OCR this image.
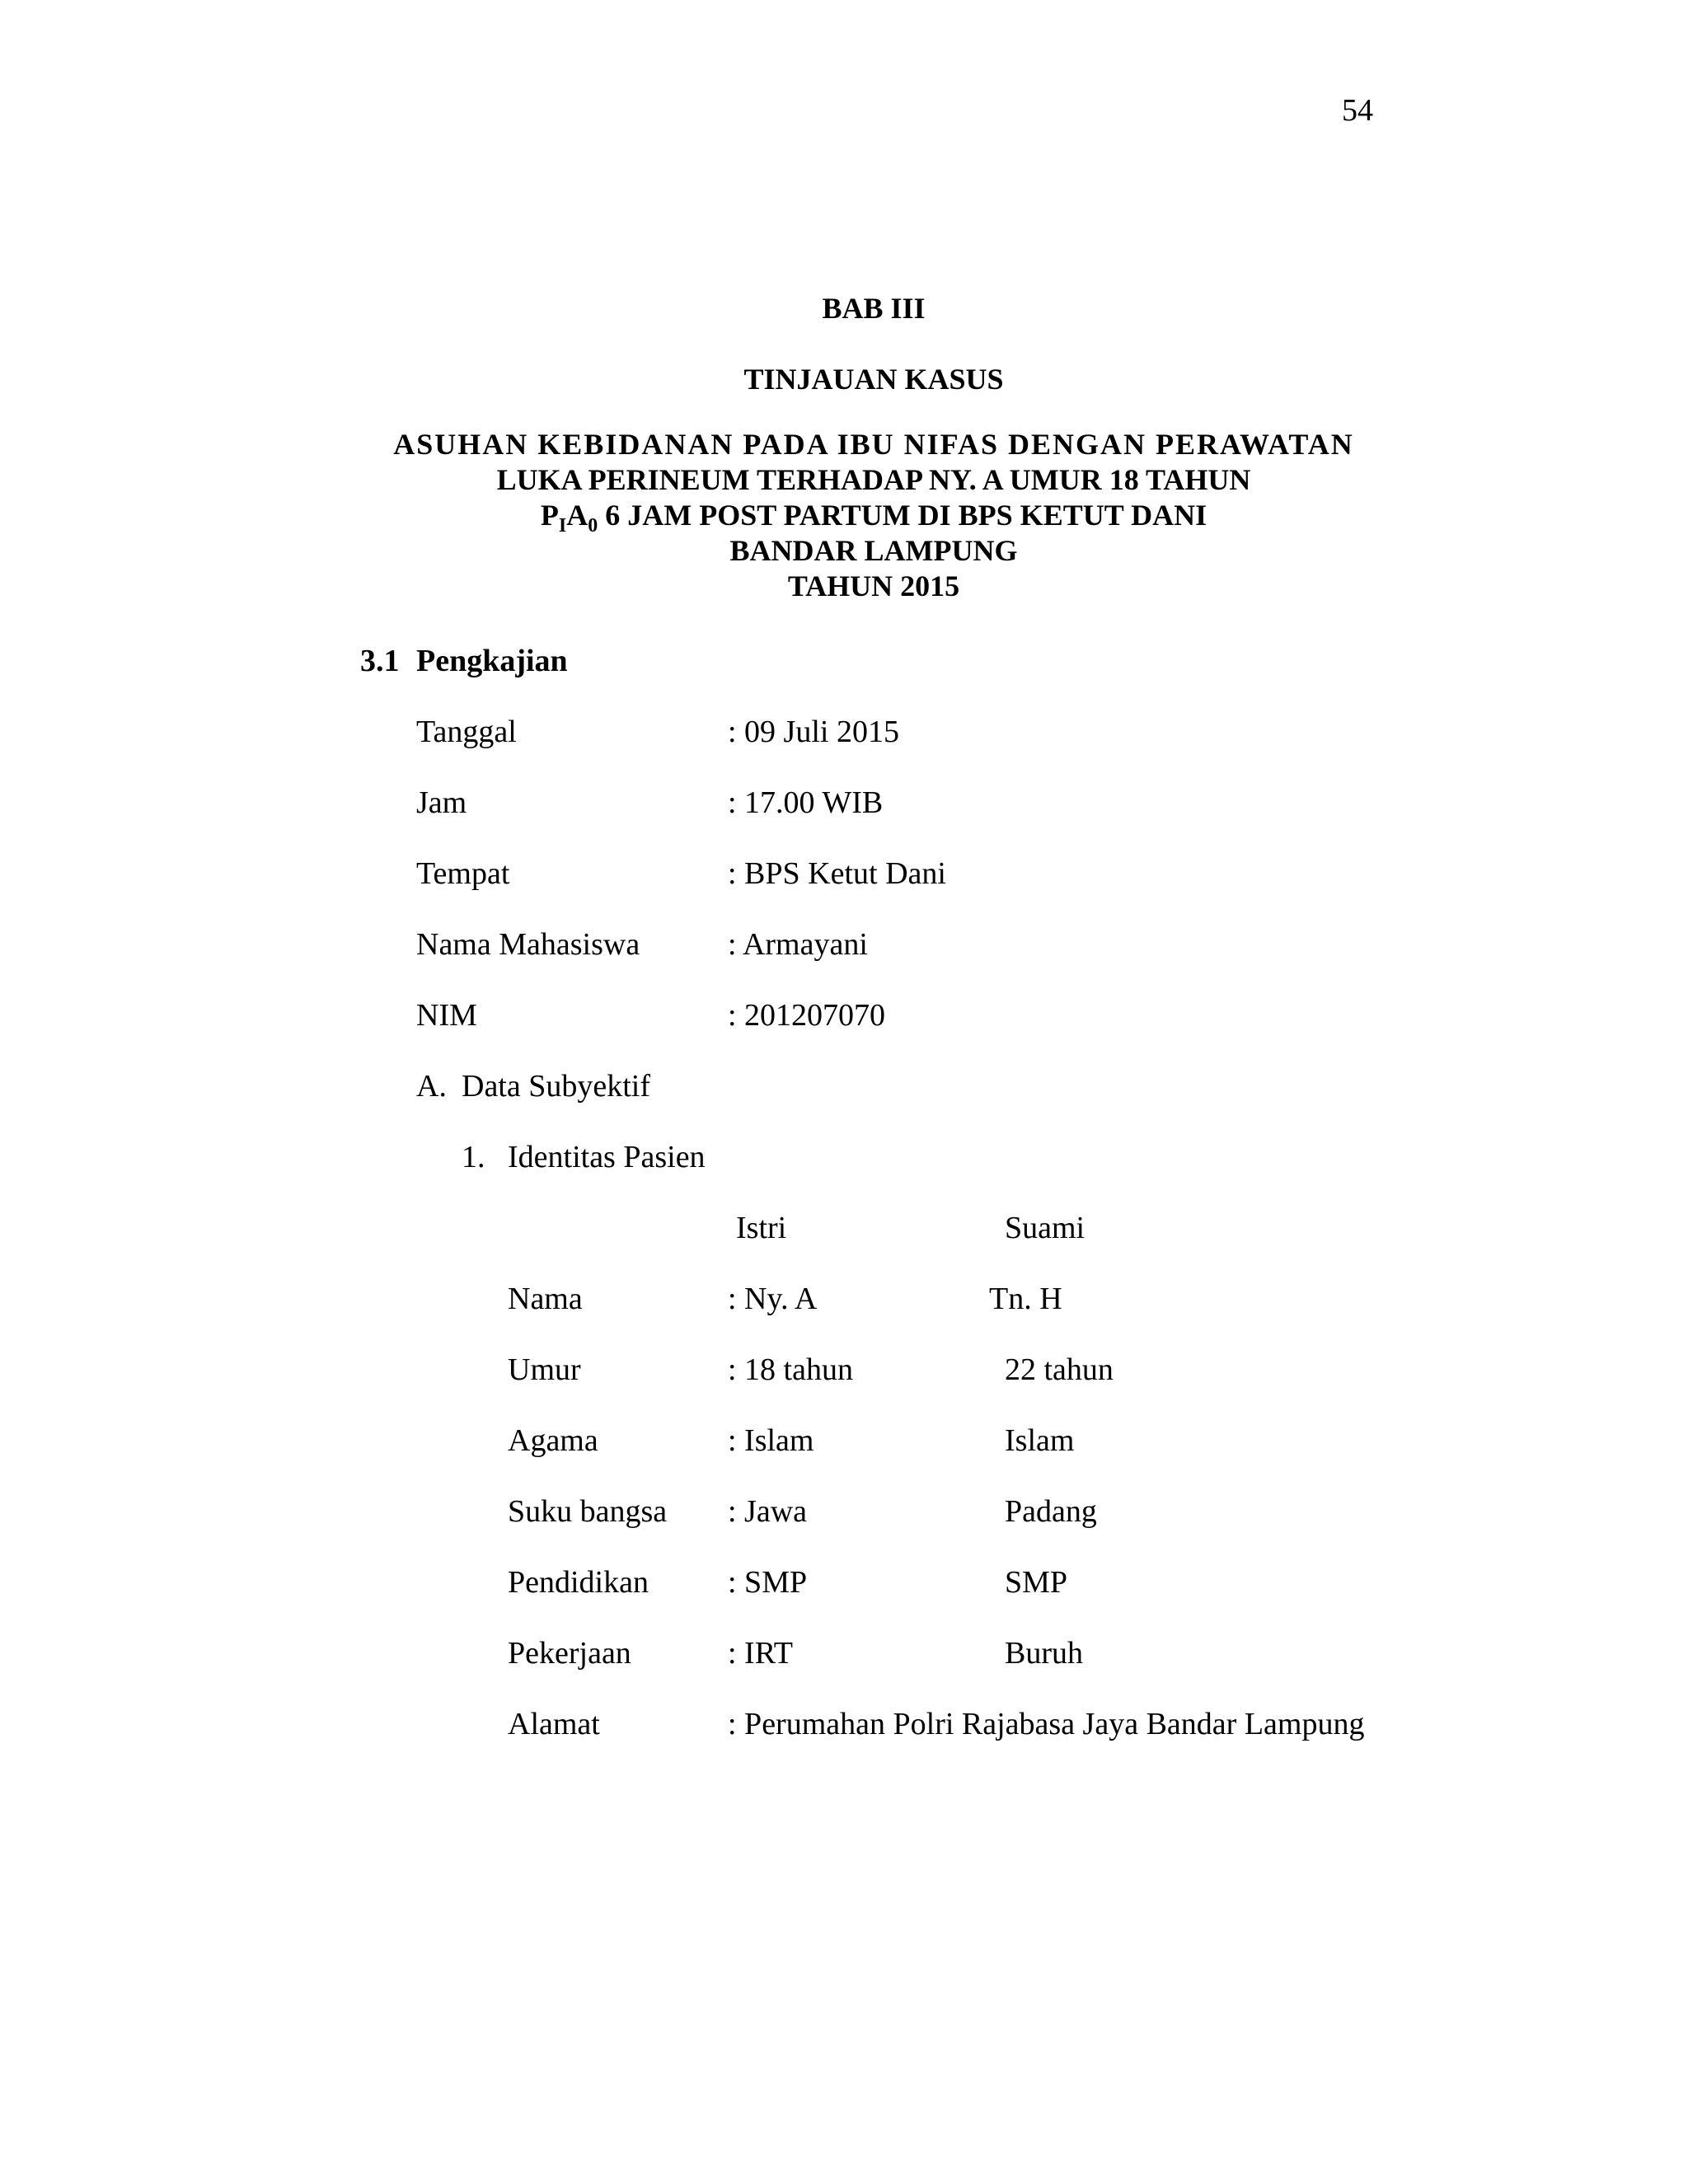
54
BAB III
TINJAUAN KASUS
ASUHAN KEBIDANAN PADA IBU NIFAS DENGAN PERAWATAN
LUKA PERINEUM TERHADAP NY. A UMUR 18 TAHUN
$P_IA_0$ 6 JAM POST PARTUM DI BPS KETUT DANI
BANDAR LAMPUNG
TAHUN 2015
3.1 Pengkajian
Tanggal	: 09 Juli 2015
Jam	: 17.00 WIB
Tempat	: BPS Ketut Dani
Nama Mahasiswa	: Armayani
NIM	: 201207070
A. Data Subyektif
1. Identitas Pasien
Istri	Suami
Nama	: Ny. A	Tn. H
Umur	: 18 tahun	22 tahun
Agama	: Islam	Islam
Suku bangsa : Jawa	Padang
Pendidikan	: SMP	SMP
Pekerjaan	: IRT	Buruh
Alamat	: Perumahan Polri Rajabasa Jaya Bandar Lampung
